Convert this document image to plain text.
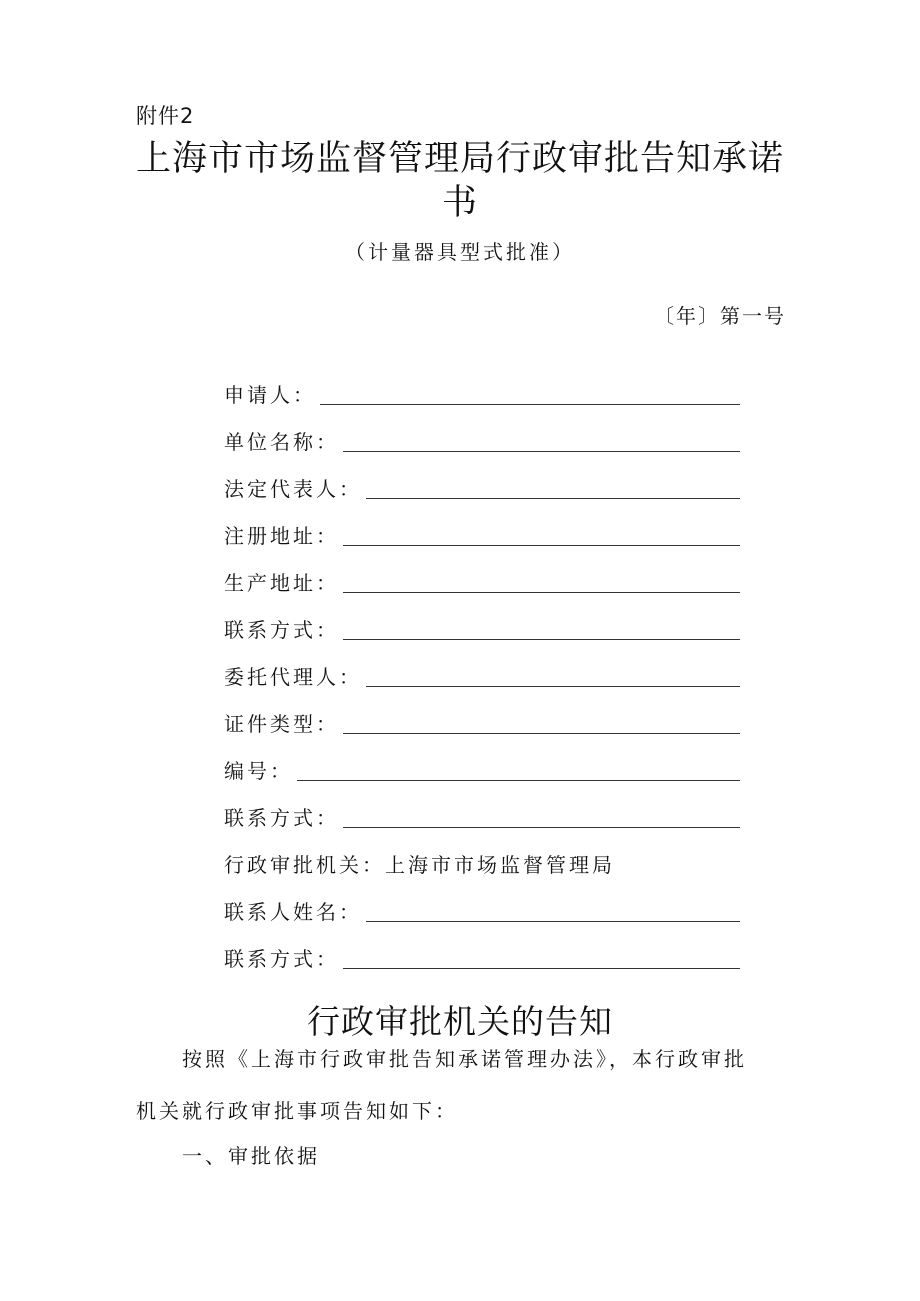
附件2
上海市市场监督管理局行政审批告知承诺
书
（计量器具型式批准）
〔年〕第一号
申请人：
单位名称：
法定代表人：
注册地址：
生产地址：
联系方式：
委托代理人：
证件类型：
编号：
联系方式：
行政审批机关： 上海市市场监督管理局
联系人姓名：
联系方式：
行政审批机关的告知
按照《上海市行政审批告知承诺管理办法》，本行政审批
机关就行政审批事项告知如下：
一、审批依据
